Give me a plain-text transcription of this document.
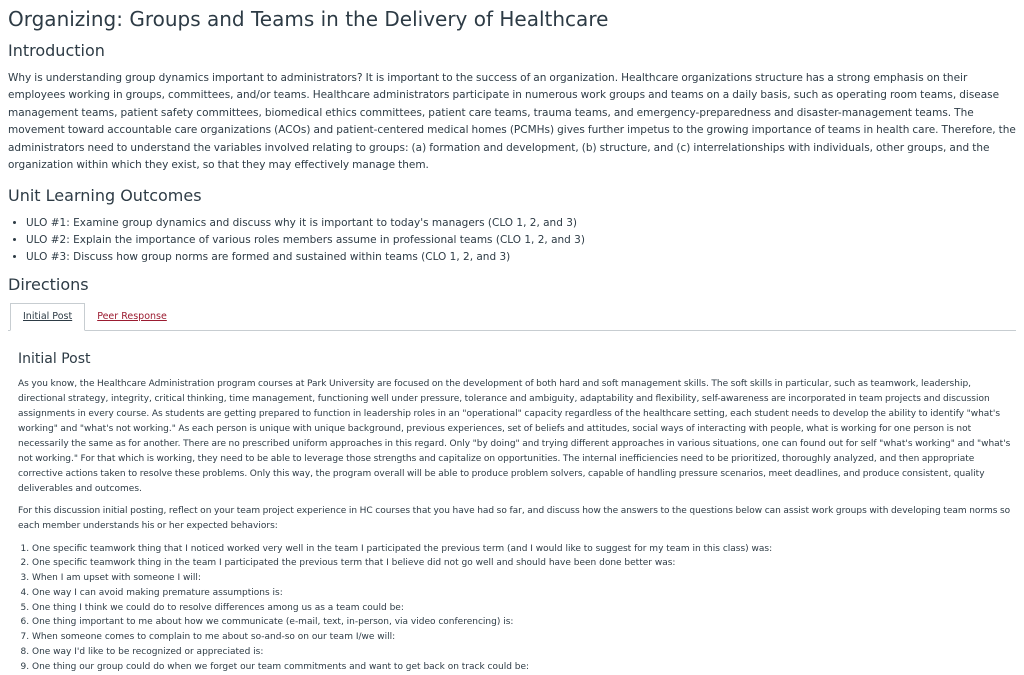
Organizing: Groups and Teams in the Delivery of Healthcare
Introduction

Why is understanding group dynamics important to administrators? It is important to the success of an organization. Healthcare organizations structure has a strong emphasis on their employees working in groups, committees, and/or teams. Healthcare administrators participate in numerous work groups and teams on a daily basis, such as operating room teams, disease management teams, patient safety committees, biomedical ethics committees, patient care teams, trauma teams, and emergency-preparedness and disaster-management teams. The movement toward accountable care organizations (ACOs) and patient-centered medical homes (PCMHs) gives further impetus to the growing importance of teams in health care. Therefore, the administrators need to understand the variables involved relating to groups: (a) formation and development, (b) structure, and (c) interrelationships with individuals, other groups, and the organization within which they exist, so that they may effectively manage them.

Unit Learning Outcomes
• ULO #1: Examine group dynamics and discuss why it is important to today's managers (CLO 1, 2, and 3)
• ULO #2: Explain the importance of various roles members assume in professional teams (CLO 1, 2, and 3)
• ULO #3: Discuss how group norms are formed and sustained within teams (CLO 1, 2, and 3)
Directions
Initial Post	Peer Response
Initial Post

As you know, the Healthcare Administration program courses at Park University are focused on the development of both hard and soft management skills. The soft skills in particular, such as teamwork, leadership, directional strategy, integrity, critical thinking, time management, functioning well under pressure, tolerance and ambiguity, adaptability and flexibility, self-awareness are incorporated in team projects and discussion assignments in every course. As students are getting prepared to function in leadership roles in an "operational" capacity regardless of the healthcare setting, each student needs to develop the ability to identify "what's working" and "what's not working." As each person is unique with unique background, previous experiences, set of beliefs and attitudes, social ways of interacting with people, what is working for one person is not necessarily the same as for another. There are no prescribed uniform approaches in this regard. Only "by doing" and trying different approaches in various situations, one can found out for self "what's working" and "what's not working." For that which is working, they need to be able to leverage those strengths and capitalize on opportunities. The internal inefficiencies need to be prioritized, thoroughly analyzed, and then appropriate corrective actions taken to resolve these problems. Only this way, the program overall will be able to produce problem solvers, capable of handling pressure scenarios, meet deadlines, and produce consistent, quality deliverables and outcomes.

For this discussion initial posting, reflect on your team project experience in HC courses that you have had so far, and discuss how the answers to the questions below can assist work groups with developing team norms so each member understands his or her expected behaviors:

1. One specific teamwork thing that I noticed worked very well in the team I participated the previous term (and I would like to suggest for my team in this class) was:
2. One specific teamwork thing in the team I participated the previous term that I believe did not go well and should have been done better was:
3. When I am upset with someone I will:
4. One way I can avoid making premature assumptions is:
5. One thing I think we could do to resolve differences among us as a team could be:
6. One thing important to me about how we communicate (e-mail, text, in-person, via video conferencing) is:
7. When someone comes to complain to me about so-and-so on our team I/we will:
8. One way I'd like to be recognized or appreciated is:
9. One thing our group could do when we forget our team commitments and want to get back on track could be:
